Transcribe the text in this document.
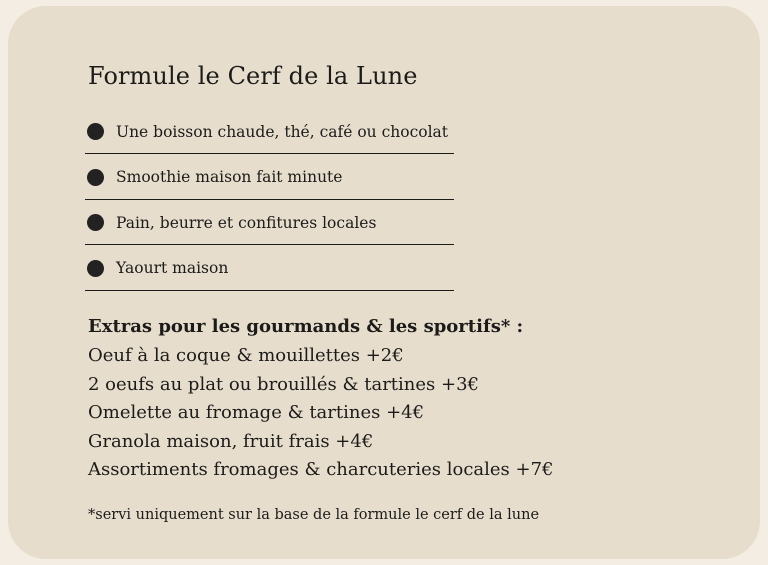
Formule le Cerf de la Lune
Une boisson chaude, thé, café ou chocolat
Smoothie maison fait minute
Pain, beurre et confitures locales
Yaourt maison
Extras pour les gourmands & les sportifs* :
Oeuf à la coque & mouillettes +2€
2 oeufs au plat ou brouillés & tartines +3€
Omelette au fromage & tartines +4€
Granola maison, fruit frais +4€
Assortiments fromages & charcuteries locales +7€

*servi uniquement sur la base de la formule le cerf de la lune
